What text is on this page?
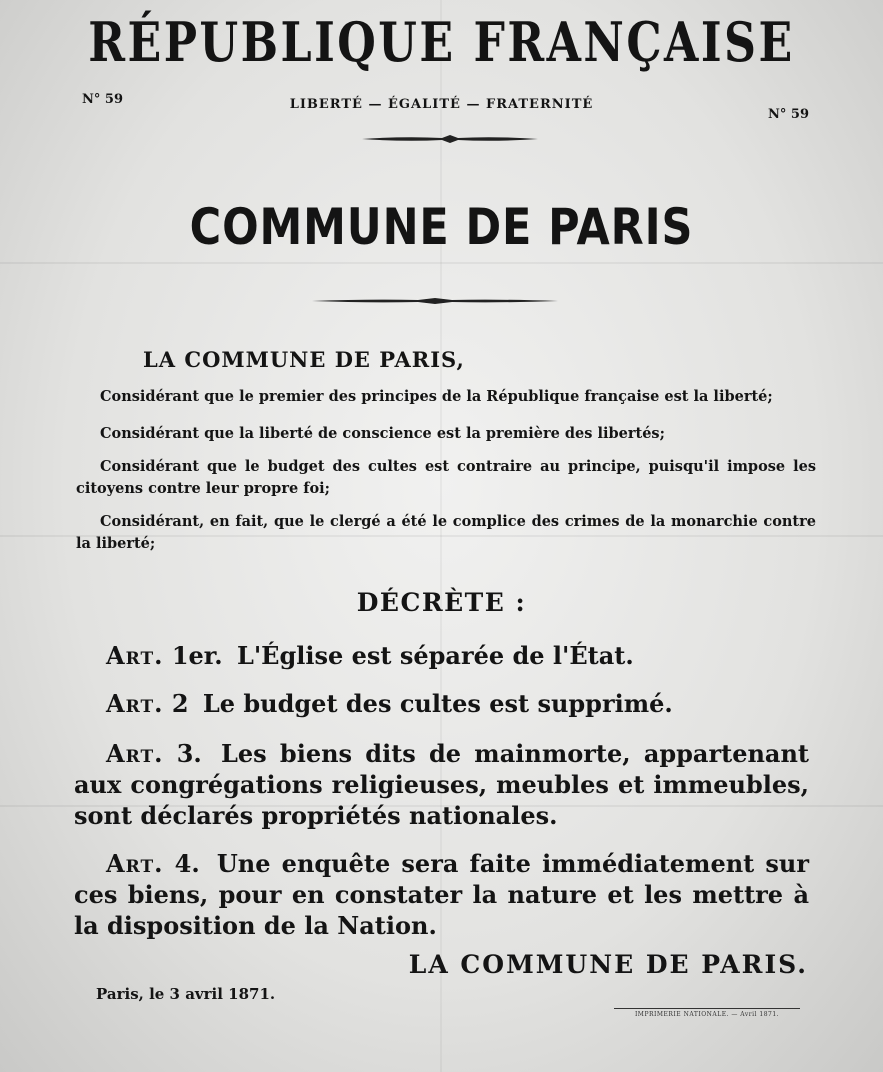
RÉPUBLIQUE FRANÇAISE
N° 59	LIBERTÉ — ÉGALITÉ — FRATERNITÉ
N° 59
COMMUNE DE PARIS
LA COMMUNE DE PARIS,
Considérant que le premier des principes de la République française est la liberté;
Considérant que la liberté de conscience est la première des libertés;
Considérant que le budget des cultes est contraire au principe, puisqu'il impose les citoyens contre leur propre foi;
Considérant, en fait, que le clergé a été le complice des crimes de la monarchie contre la liberté;
DÉCRÈTE :
Art. 1er. L'Église est séparée de l'État.
Art. 2 Le budget des cultes est supprimé.
Art. 3. Les biens dits de mainmorte, appartenant aux congrégations religieuses, meubles et immeubles, sont déclarés propriétés nationales.
Art. 4. Une enquête sera faite immédiatement sur ces biens, pour en constater la nature et les mettre à la disposition de la Nation.
LA COMMUNE DE PARIS.
Paris, le 3 avril 1871.
IMPRIMERIE NATIONALE. — Avril 1871.
